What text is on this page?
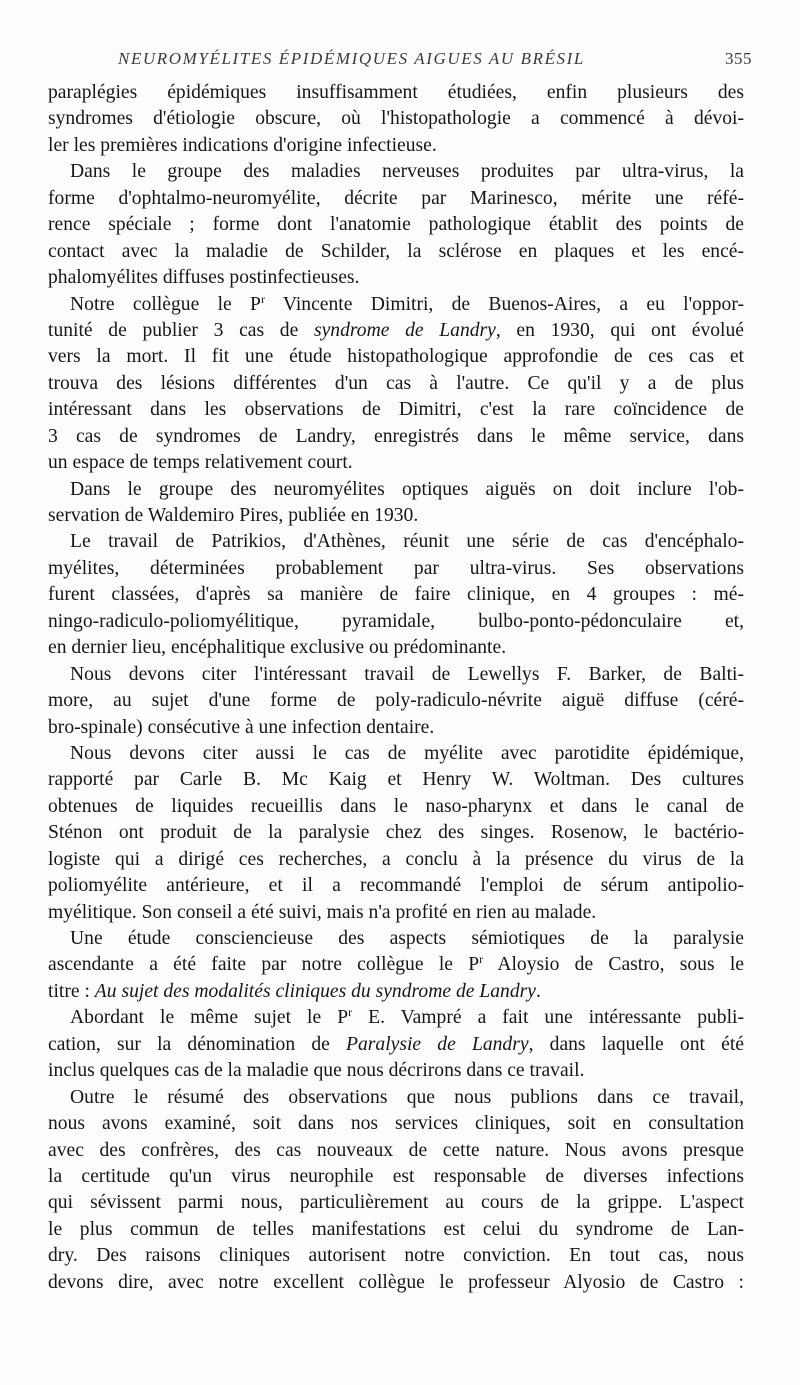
NEUROMYÉLITES ÉPIDÉMIQUES AIGUES AU BRÉSIL	355

paraplégies épidémiques insuffisamment étudiées, enfin plusieurs des
syndromes d'étiologie obscure, où l'histopathologie a commencé à dévoi-
ler les premières indications d'origine infectieuse.

Dans le groupe des maladies nerveuses produites par ultra-virus, la
forme d'ophtalmo-neuromyélite, décrite par Marinesco, mérite une réfé-
rence spéciale ; forme dont l'anatomie pathologique établit des points de
contact avec la maladie de Schilder, la sclérose en plaques et les encé-
phalomyélites diffuses postinfectieuses.

Notre collègue le $P^r$ Vincente Dimitri, de Buenos-Aires, a eu l'oppor-
tunité de publier 3 cas de syndrome de Landry, en 1930, qui ont évolué
vers la mort. Il fit une étude histopathologique approfondie de ces cas et
trouva des lésions différentes d'un cas à l'autre. Ce qu'il y a de plus
intéressant dans les observations de Dimitri, c'est la rare coïncidence de
3 cas de syndromes de Landry, enregistrés dans le même service, dans
un espace de temps relativement court.

Dans le groupe des neuromyélites optiques aiguës on doit inclure l'ob-
servation de Waldemiro Pires, publiée en 1930.

Le travail de Patrikios, d'Athènes, réunit une série de cas d'encéphalo-
myélites, déterminées probablement par ultra-virus. Ses observations
furent classées, d'après sa manière de faire clinique, en 4 groupes : mé-
ningo-radiculo-poliomyélitique, pyramidale, bulbo-ponto-pédonculaire et,
en dernier lieu, encéphalitique exclusive ou prédominante.

Nous devons citer l'intéressant travail de Lewellys F. Barker, de Balti-
more, au sujet d'une forme de poly-radiculo-névrite aiguë diffuse (céré-
bro-spinale) consécutive à une infection dentaire.

Nous devons citer aussi le cas de myélite avec parotidite épidémique,
rapporté par Carle B. Mc Kaig et Henry W. Woltman. Des cultures
obtenues de liquides recueillis dans le naso-pharynx et dans le canal de
Sténon ont produit de la paralysie chez des singes. Rosenow, le bactério-
logiste qui a dirigé ces recherches, a conclu à la présence du virus de la
poliomyélite antérieure, et il a recommandé l'emploi de sérum antipolio-
myélitique. Son conseil a été suivi, mais n'a profité en rien au malade.

Une étude consciencieuse des aspects sémiotiques de la paralysie
ascendante a été faite par notre collègue le $P^r$ Aloysio de Castro, sous le
titre : Au sujet des modalités cliniques du syndrome de Landry.

Abordant le même sujet le $P^r$ E. Vampré a fait une intéressante publi-
cation, sur la dénomination de Paralysie de Landry, dans laquelle ont été
inclus quelques cas de la maladie que nous décrirons dans ce travail.

Outre le résumé des observations que nous publions dans ce travail,
nous avons examiné, soit dans nos services cliniques, soit en consultation
avec des confrères, des cas nouveaux de cette nature. Nous avons presque
la certitude qu'un virus neurophile est responsable de diverses infections
qui sévissent parmi nous, particulièrement au cours de la grippe. L'aspect
le plus commun de telles manifestations est celui du syndrome de Lan-
dry. Des raisons cliniques autorisent notre conviction. En tout cas, nous
devons dire, avec notre excellent collègue le professeur Alyosio de Castro :
